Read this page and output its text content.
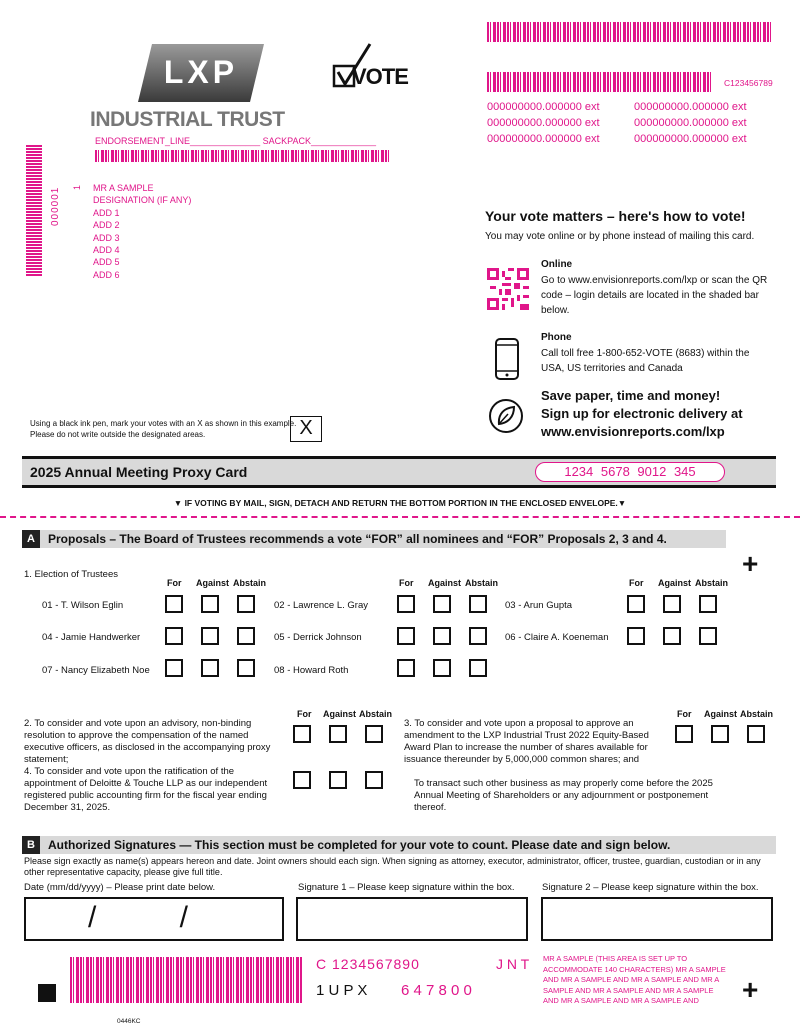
LXP
INDUSTRIAL TRUST
VOTE
ENDORSEMENT_LINE______________ SACKPACK_____________
C123456789
000000000.000000 ext	000000000.000000 ext
000000000.000000 ext	000000000.000000 ext
000000000.000000 ext	000000000.000000 ext
000001 1 MR A SAMPLE
DESIGNATION (IF ANY)
ADD 1
ADD 2
ADD 3
ADD 4
ADD 5
ADD 6
Your vote matters – here's how to vote!
You may vote online or by phone instead of mailing this card.
Online
Go to www.envisionreports.com/lxp or scan the QR code – login details are located in the shaded bar below.
Phone
Call toll free 1-800-652-VOTE (8683) within the USA, US territories and Canada
Save paper, time and money!
Sign up for electronic delivery at
www.envisionreports.com/lxp
Using a black ink pen, mark your votes with an X as shown in this example.
Please do not write outside the designated areas.	X
2025 Annual Meeting Proxy Card	1234 5678 9012 345
▼ IF VOTING BY MAIL, SIGN, DETACH AND RETURN THE BOTTOM PORTION IN THE ENCLOSED ENVELOPE.▼
A	Proposals – The Board of Trustees recommends a vote “FOR” all nominees and “FOR” Proposals 2, 3 and 4.
+
1. Election of Trustees
For Against Abstain	For Against Abstain	For Against Abstain
01 - T. Wilson Eglin	02 - Lawrence L. Gray	03 - Arun Gupta
04 - Jamie Handwerker	05 - Derrick Johnson	06 - Claire A. Koeneman
07 - Nancy Elizabeth Noe	08 - Howard Roth
For Against Abstain	For Against Abstain
2. To consider and vote upon an advisory, non-binding resolution to approve the compensation of the named executive officers, as disclosed in the accompanying proxy statement;
3. To consider and vote upon a proposal to approve an amendment to the LXP Industrial Trust 2022 Equity-Based Award Plan to increase the number of shares available for issuance thereunder by 5,000,000 common shares; and
4. To consider and vote upon the ratification of the appointment of Deloitte & Touche LLP as our independent registered public accounting firm for the fiscal year ending December 31, 2025.
To transact such other business as may properly come before the 2025 Annual Meeting of Shareholders or any adjournment or postponement thereof.
B	Authorized Signatures — This section must be completed for your vote to count. Please date and sign below.
Please sign exactly as name(s) appears hereon and date. Joint owners should each sign. When signing as attorney, executor, administrator, officer, trustee, guardian, custodian or in any other representative capacity, please give full title.
Date (mm/dd/yyyy) – Please print date below.	Signature 1 – Please keep signature within the box.	Signature 2 – Please keep signature within the box.
/          /
C 1234567890	J N T
1 U P X 6 4 7 8 0 0
MR A SAMPLE (THIS AREA IS SET UP TO ACCOMMODATE 140 CHARACTERS) MR A SAMPLE AND MR A SAMPLE AND MR A SAMPLE AND MR A SAMPLE AND MR A SAMPLE AND MR A SAMPLE AND MR A SAMPLE AND MR A SAMPLE AND	+
0446KC
